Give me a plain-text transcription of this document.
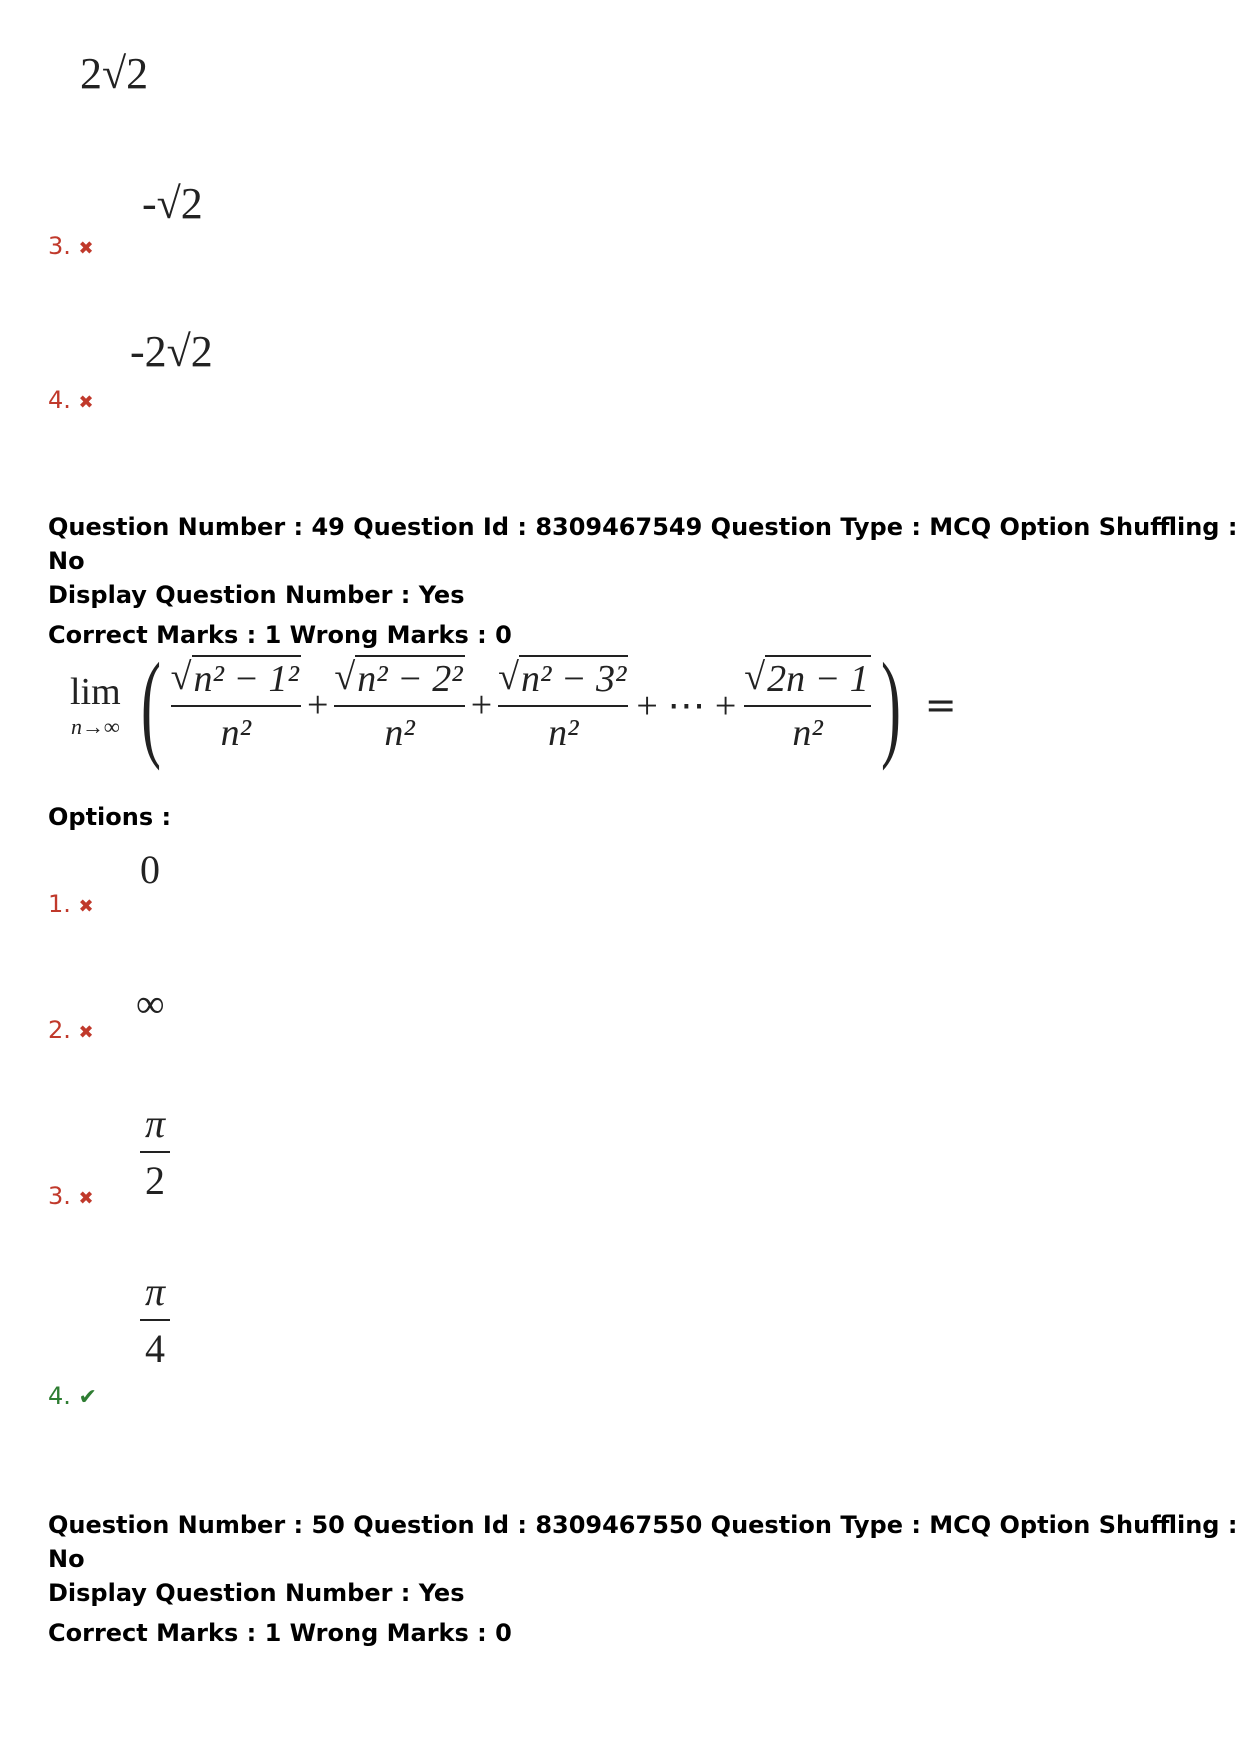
2√2
-√2
3. ✖
-2√2
4. ✖
Question Number : 49 Question Id : 8309467549 Question Type : MCQ Option Shuffling : No
Display Question Number : Yes
Correct Marks : 1 Wrong Marks : 0
lim
n→∞ ( $\frac{\text{√ n² − 1²}}{\text{n²}} + \frac{\text{√ n² − 2²}}{\text{n²}} + \frac{\text{√ n² − 3²}}{\text{n²}}$ + ⋯ + $\frac{√ 2n - 1}{\text{n²}}$ ) =
Options :
0
1. ✖
∞
2. ✖
π
2
3. ✖
π
4
4. ✔
Question Number : 50 Question Id : 8309467550 Question Type : MCQ Option Shuffling : No
Display Question Number : Yes
Correct Marks : 1 Wrong Marks : 0
